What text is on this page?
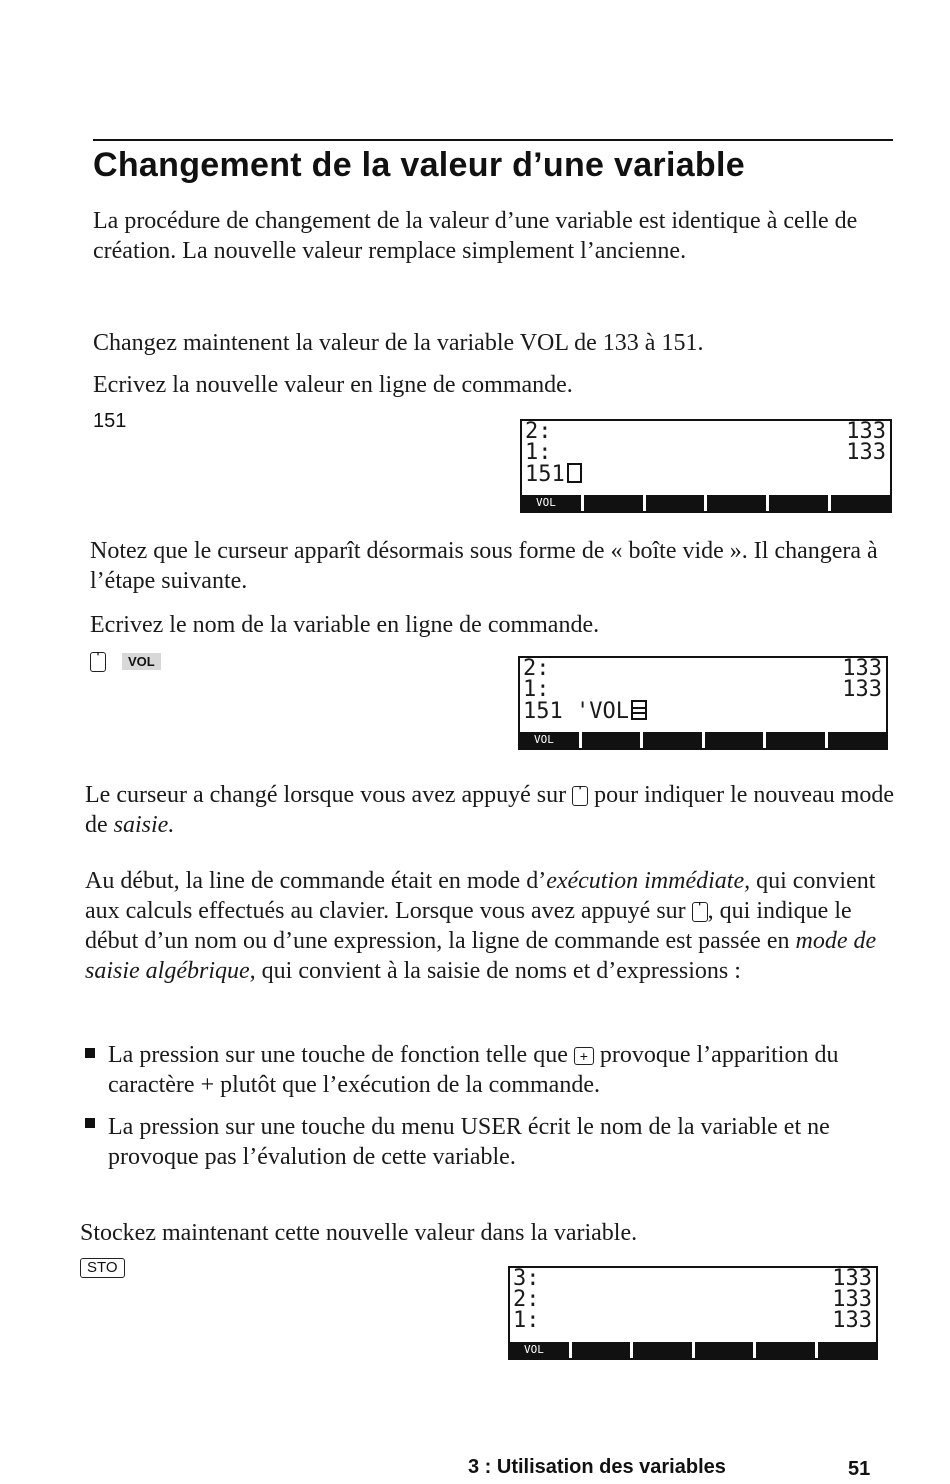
Changement de la valeur d’une variable

La procédure de changement de la valeur d’une variable est identique à celle de création. La nouvelle valeur remplace simplement l’ancienne.

Changez maintenent la valeur de la variable VOL de 133 à 151.

Ecrivez la nouvelle valeur en ligne de commande.

151	2:	133
1:	133
151
VOL

Notez que le curseur apparît désormais sous forme de « boîte vide ». Il changera à l’étape suivante.

Ecrivez le nom de la variable en ligne de commande.

' VOL	2:	133
1:	133
151 'VOL
VOL

Le curseur a changé lorsque vous avez appuyé sur ' pour indiquer le nouveau mode de saisie.

Au début, la line de commande était en mode d’exécution immédiate, qui convient aux calculs effectués au clavier. Lorsque vous avez appuyé sur ' , qui indique le début d’un nom ou d’une expression, la ligne de commande est passée en mode de saisie algébrique, qui convient à la saisie de noms et d’expressions :

La pression sur une touche de fonction telle que + provoque l’apparition du caractère + plutôt que l’exécution de la commande.

La pression sur une touche du menu USER écrit le nom de la variable et ne provoque pas l’évalution de cette variable.

Stockez maintenant cette nouvelle valeur dans la variable.

STO	3:	133
2:	133
1:	133
VOL
3 : Utilisation des variables	51
